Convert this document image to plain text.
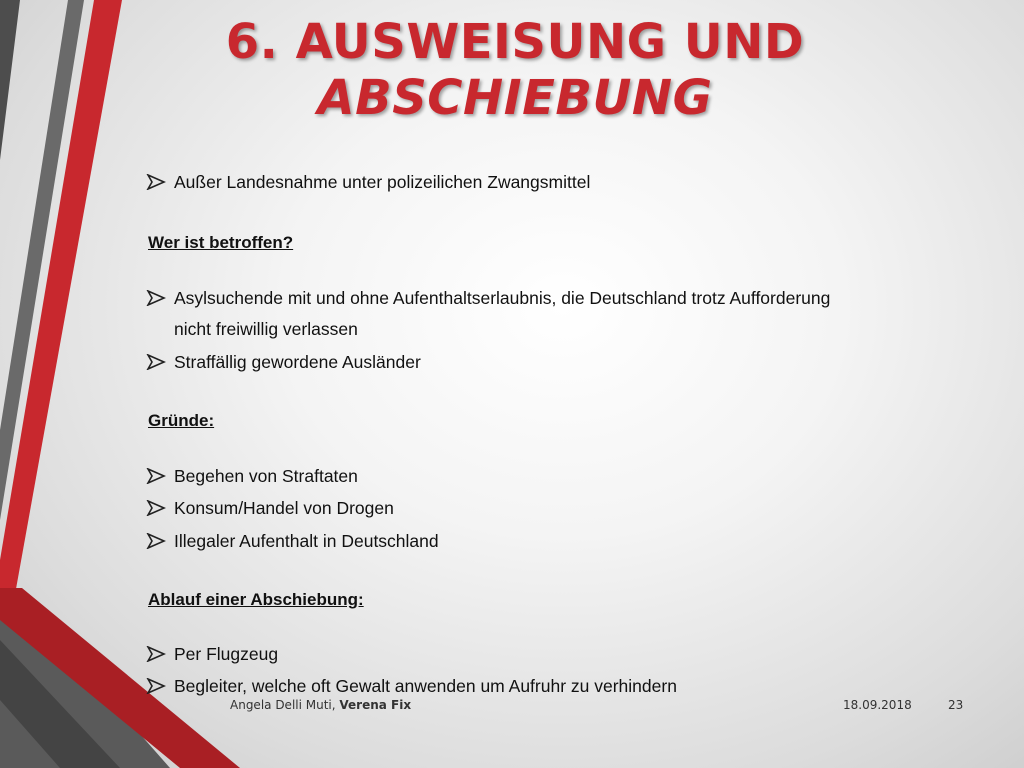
6. AUSWEISUNG UND
ABSCHIEBUNG
Außer Landesnahme unter polizeilichen Zwangsmittel
Wer ist betroffen?
Asylsuchende mit und ohne Aufenthaltserlaubnis, die Deutschland trotz Aufforderung
nicht freiwillig verlassen
Straffällig gewordene Ausländer
Gründe:
Begehen von Straftaten
Konsum/Handel von Drogen
Illegaler Aufenthalt in Deutschland
Ablauf einer Abschiebung:
Per Flugzeug
Begleiter, welche oft Gewalt anwenden um Aufruhr zu verhindern
Angela Delli Muti, Verena Fix	18.09.2018	23
